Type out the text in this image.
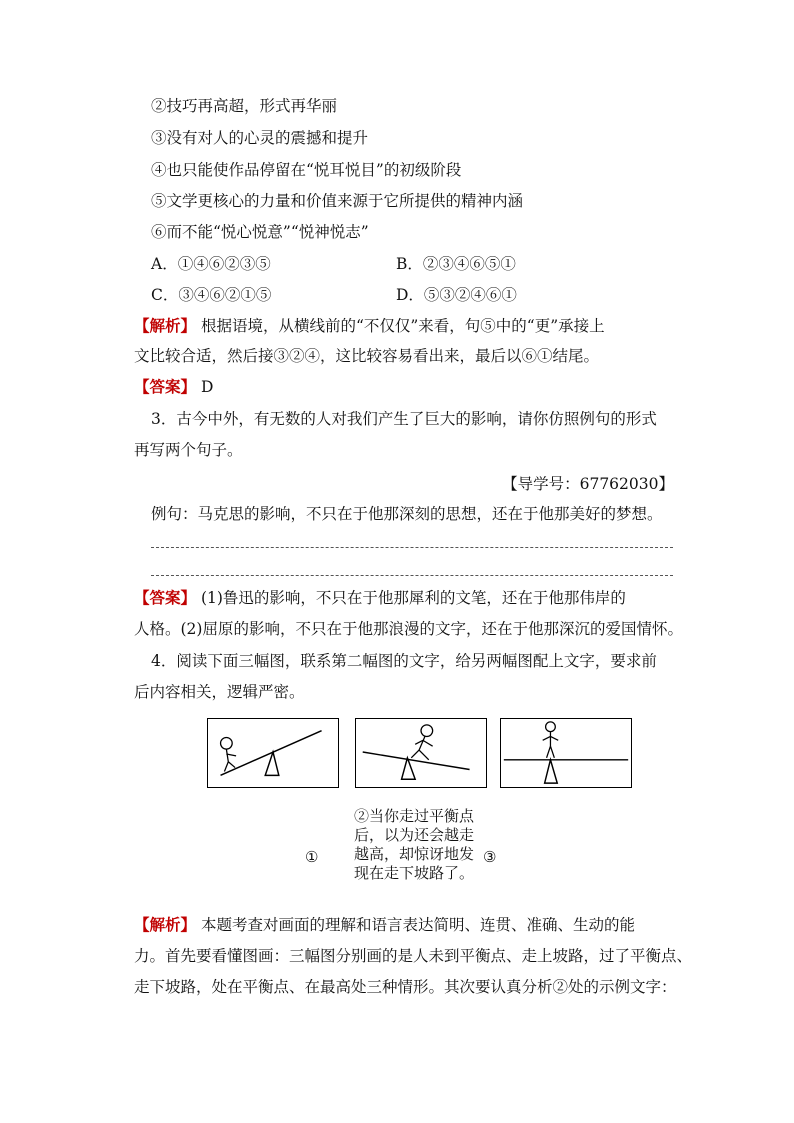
②技巧再高超，形式再华丽
③没有对人的心灵的震撼和提升
④也只能使作品停留在“悦耳悦目”的初级阶段
⑤文学更核心的力量和价值来源于它所提供的精神内涵
⑥而不能“悦心悦意”“悦神悦志”
A．①④⑥②③⑤	B．②③④⑥⑤①
C．③④⑥②①⑤	D．⑤③②④⑥①
【解析】 根据语境，从横线前的“不仅仅”来看，句⑤中的“更”承接上
文比较合适，然后接③②④，这比较容易看出来，最后以⑥①结尾。
【答案】 D
3．古今中外，有无数的人对我们产生了巨大的影响，请你仿照例句的形式
再写两个句子。
【导学号：67762030】
例句：马克思的影响，不只在于他那深刻的思想，还在于他那美好的梦想。
【答案】 (1)鲁迅的影响，不只在于他那犀利的文笔，还在于他那伟岸的
人格。(2)屈原的影响，不只在于他那浪漫的文字，还在于他那深沉的爱国情怀。
4．阅读下面三幅图，联系第二幅图的文字，给另两幅图配上文字，要求前
后内容相关，逻辑严密。
①
②当你走过平衡点后，以为还会越走越高，却惊讶地发现在走下坡路了。
③
【解析】 本题考查对画面的理解和语言表达简明、连贯、准确、生动的能
力。首先要看懂图画：三幅图分别画的是人未到平衡点、走上坡路，过了平衡点、
走下坡路，处在平衡点、在最高处三种情形。其次要认真分析②处的示例文字：
